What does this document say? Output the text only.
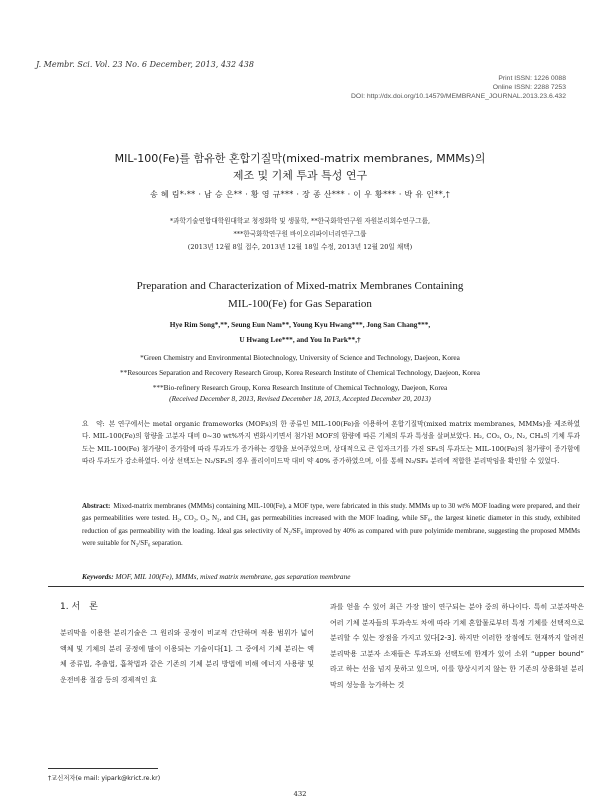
J. Membr. Sci. Vol. 23 No. 6 December, 2013, 432 438
Print ISSN: 1226 0088
Online ISSN: 2288 7253
DOI: http://dx.doi.org/10.14579/MEMBRANE_JOURNAL.2013.23.6.432
MIL-100(Fe)를 함유한 혼합기질막(mixed-matrix membranes, MMMs)의
제조 및 기체 투과 특성 연구
송 혜 림*·** · 남 승 은** · 황 영 규*** · 장 종 산*** · 이 우 황*** · 박 유 인**,†
*과학기술연합대학원대학교 청정화학 및 생물학, **한국화학연구원 자원분리회수연구그룹,
***한국화학연구원 바이오리파이너리연구그룹
(2013년 12월 8일 접수, 2013년 12월 18일 수정, 2013년 12월 20일 채택)
Preparation and Characterization of Mixed-matrix Membranes Containing
MIL-100(Fe) for Gas Separation
Hye Rim Song*,**, Seung Eun Nam**, Young Kyu Hwang***, Jong San Chang***,
U Hwang Lee***, and You In Park**,†
*Green Chemistry and Environmental Biotechnology, University of Science and Technology, Daejeon, Korea
**Resources Separation and Recovery Research Group, Korea Research Institute of Chemical Technology, Daejeon, Korea
***Bio-refinery Research Group, Korea Research Institute of Chemical Technology, Daejeon, Korea
(Received December 8, 2013, Revised December 18, 2013, Accepted December 20, 2013)
요　약: 본 연구에서는 metal organic frameworks (MOFs)의 한 종류인 MIL-100(Fe)을 이용하여 혼합기질막(mixed matrix membranes, MMMs)을 제조하였다. MIL-100(Fe)의 함량을 고분자 대비 0~30 wt%까지 변화시키면서 첨가된 MOF의 함량에 따른 기체의 투과 특성을 살펴보았다. H₂, CO₂, O₂, N₂, CH₄의 기체 투과도는 MIL-100(Fe) 첨가량이 증가함에 따라 투과도가 증가하는 경향을 보여주었으며, 상대적으로 큰 입자크기를 가진 SF₆의 투과도는 MIL-100(Fe)의 첨가량이 증가함에 따라 투과도가 감소하였다. 이상 선택도는 N₂/SF₆의 경우 폴리이미드막 대비 약 40% 증가하였으며, 이를 통해 N₂/SF₆ 분리에 적합한 분리막임을 확인할 수 있었다.
Abstract: Mixed-matrix membranes (MMMs) containing MIL-100(Fe), a MOF type, were fabricated in this study. MMMs up to 30 wt% MOF loading were prepared, and their gas permeabilities were tested. H₂, CO₂, O₂, N₂, and CH₄ gas permeabilities increased with the MOF loading, while SF₆, the largest kinetic diameter in this study, exhibited reduction of gas permeability with the loading. Ideal gas selectivity of N₂/SF₆ improved by 40% as compared with pure polyimide membrane, suggesting the proposed MMMs were suitable for N₂/SF₆ separation.
Keywords: MOF, MIL 100(Fe), MMMs, mixed matrix membrane, gas separation membrane
1. 서　론
분리막을 이용한 분리기술은 그 원리와 공정이 비교적 간단하며 적용 범위가 넓어 액체 및 기체의 분리 공정에 많이 이용되는 기술이다[1]. 그 중에서 기체 분리는 액체 증류법, 추출법, 흡착법과 같은 기존의 기체 분리 방법에 비해 에너지 사용량 및 운전비용 절감 등의 경제적인 효
과를 얻을 수 있어 최근 가장 많이 연구되는 분야 중의 하나이다. 특히 고분자막은 여러 기체 분자들의 투과속도 차에 따라 기체 혼합물로부터 특정 기체를 선택적으로 분리할 수 있는 장점을 가지고 있다[2-3]. 하지만 이러한 장점에도 현재까지 알려진 분리막용 고분자 소재들은 투과도와 선택도에 한계가 있어 소위 “upper bound” 라고 하는 선을 넘지 못하고 있으며, 이를 향상시키지 않는 한 기존의 상용화된 분리막의 성능을 능가하는 것
†교신저자(e mail: yipark@krict.re.kr)
432
